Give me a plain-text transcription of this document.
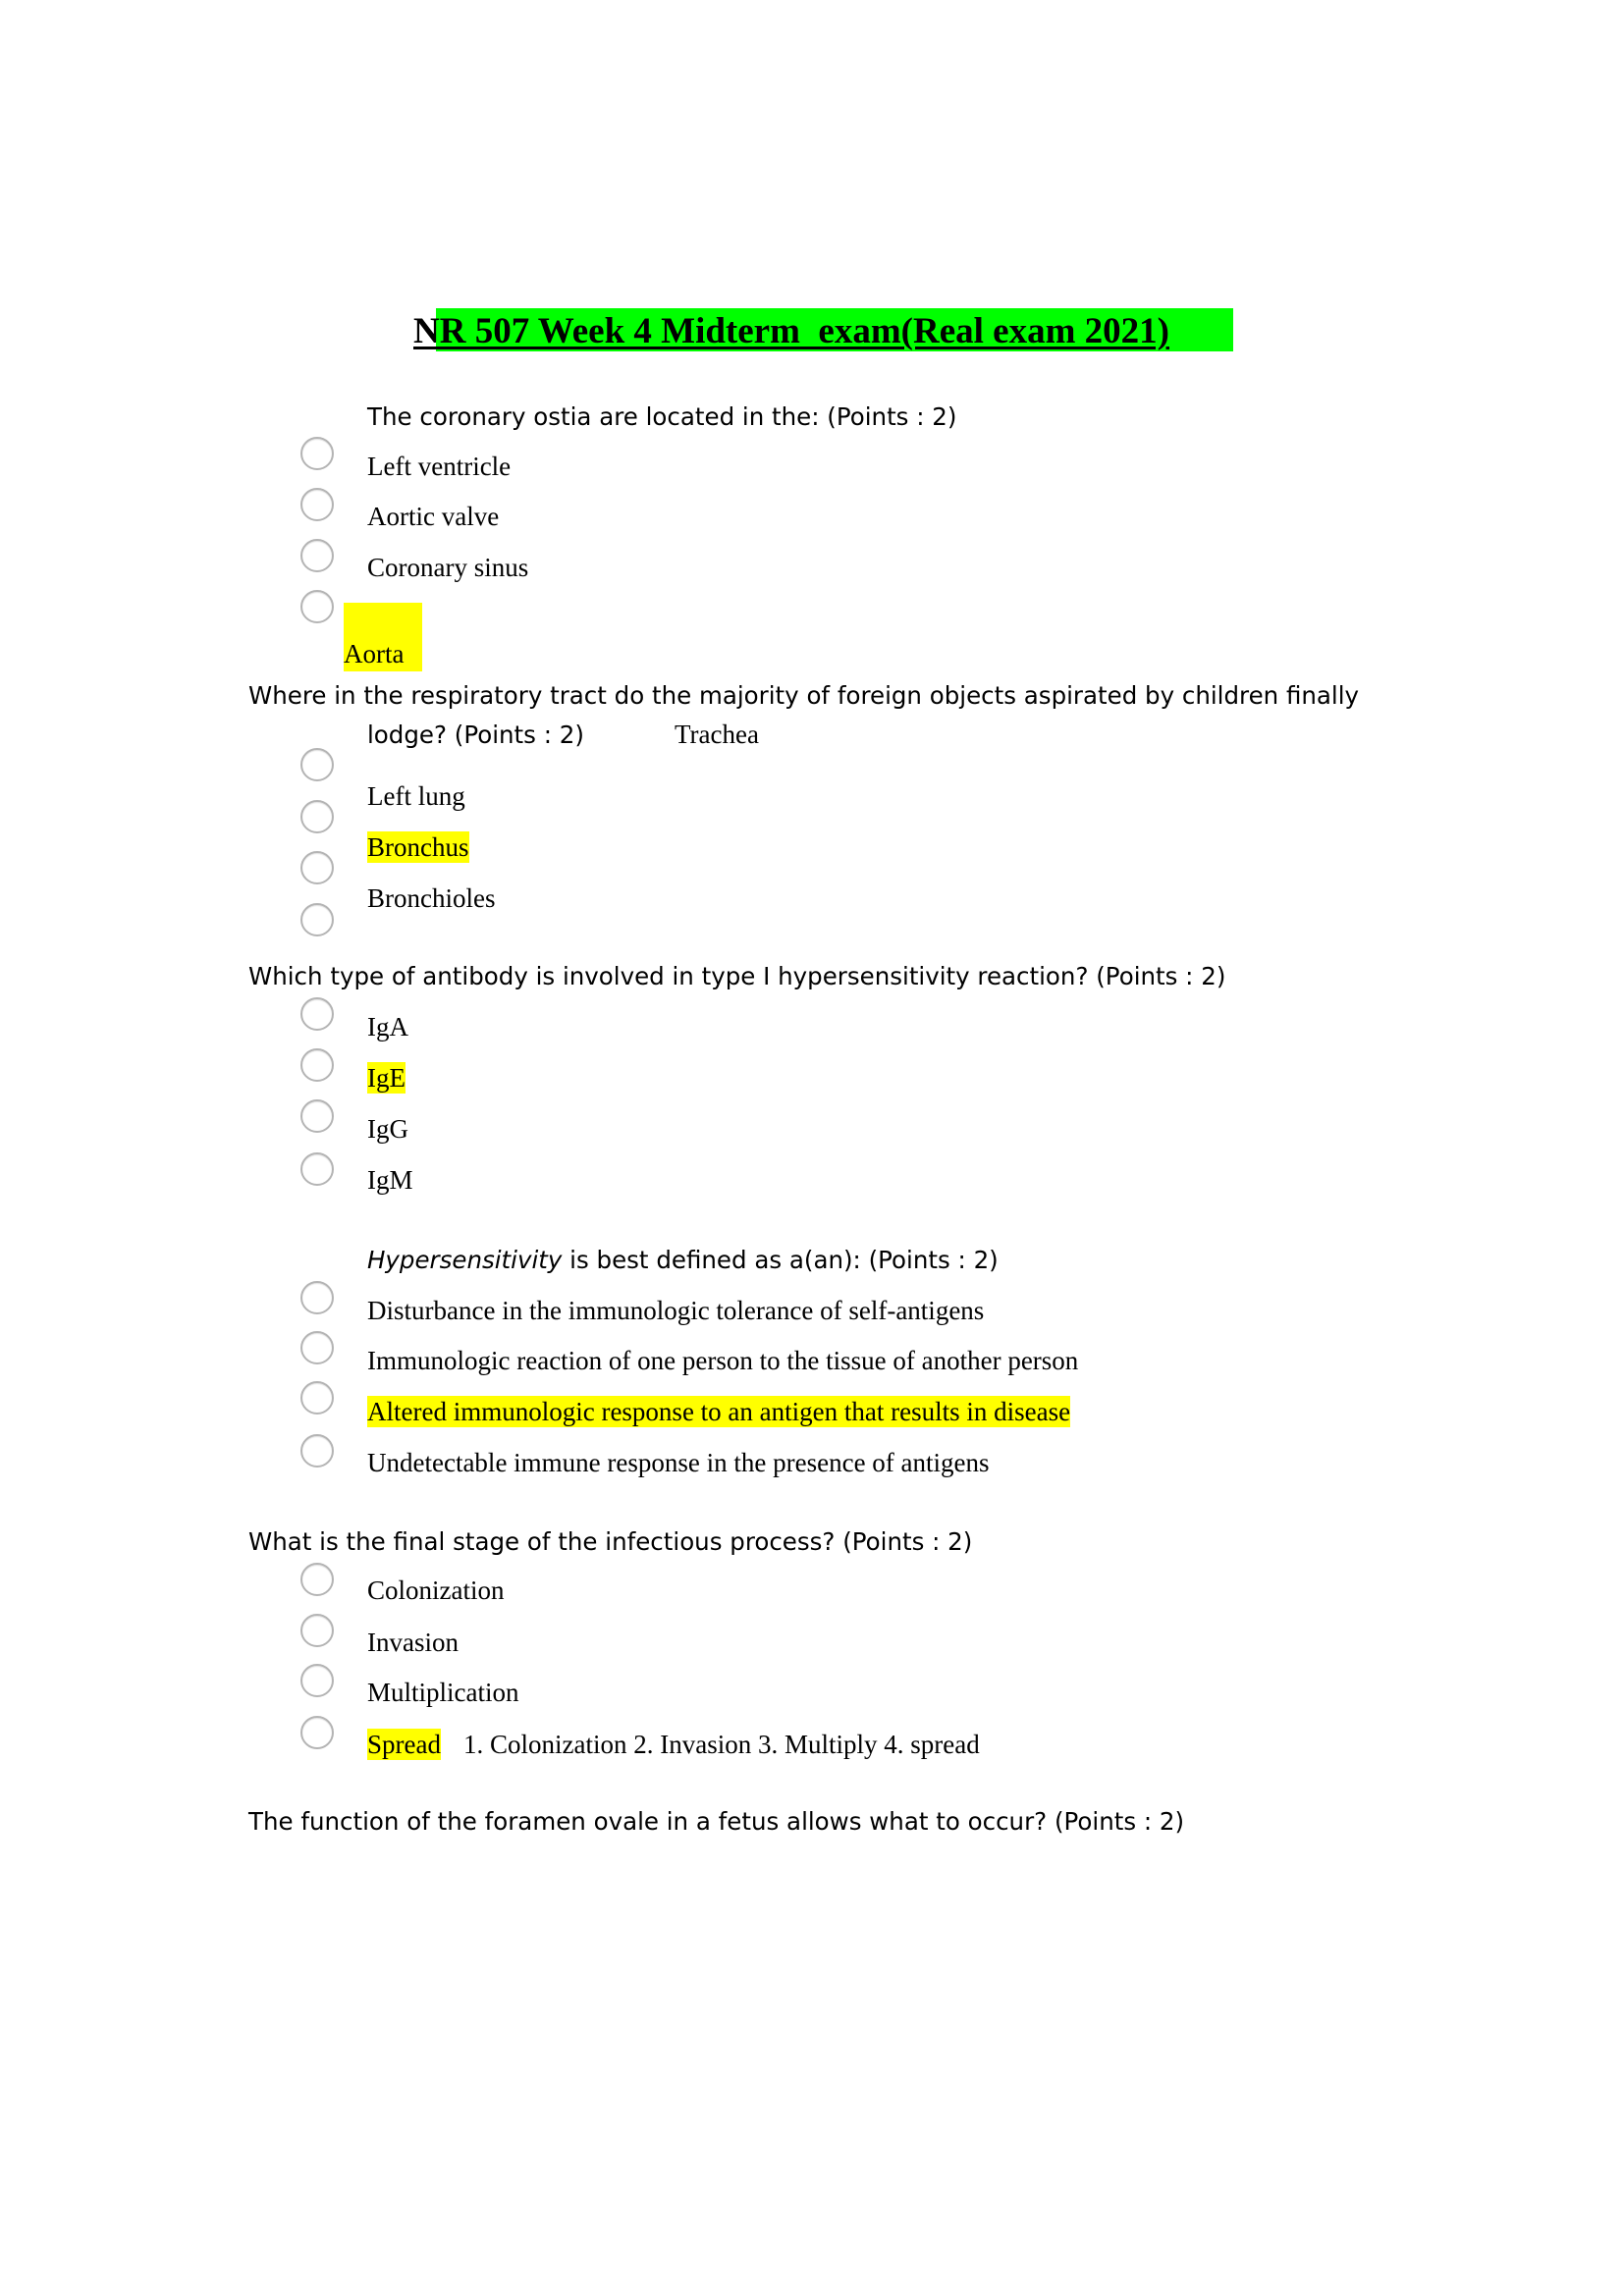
NR 507 Week 4 Midterm  exam(Real exam 2021)
The coronary ostia are located in the: (Points : 2)
Left ventricle
Aortic valve
Coronary sinus
Aorta
Where in the respiratory tract do the majority of foreign objects aspirated by children finally
lodge? (Points : 2)	Trachea
Left lung
Bronchus
Bronchioles
Which type of antibody is involved in type I hypersensitivity reaction? (Points : 2)
IgA
IgE
IgG
IgM
Hypersensitivity is best defined as a(an): (Points : 2)
Disturbance in the immunologic tolerance of self-antigens
Immunologic reaction of one person to the tissue of another person
Altered immunologic response to an antigen that results in disease
Undetectable immune response in the presence of antigens
What is the final stage of the infectious process? (Points : 2)
Colonization
Invasion
Multiplication
Spread 1. Colonization 2. Invasion 3. Multiply 4. spread
The function of the foramen ovale in a fetus allows what to occur? (Points : 2)
